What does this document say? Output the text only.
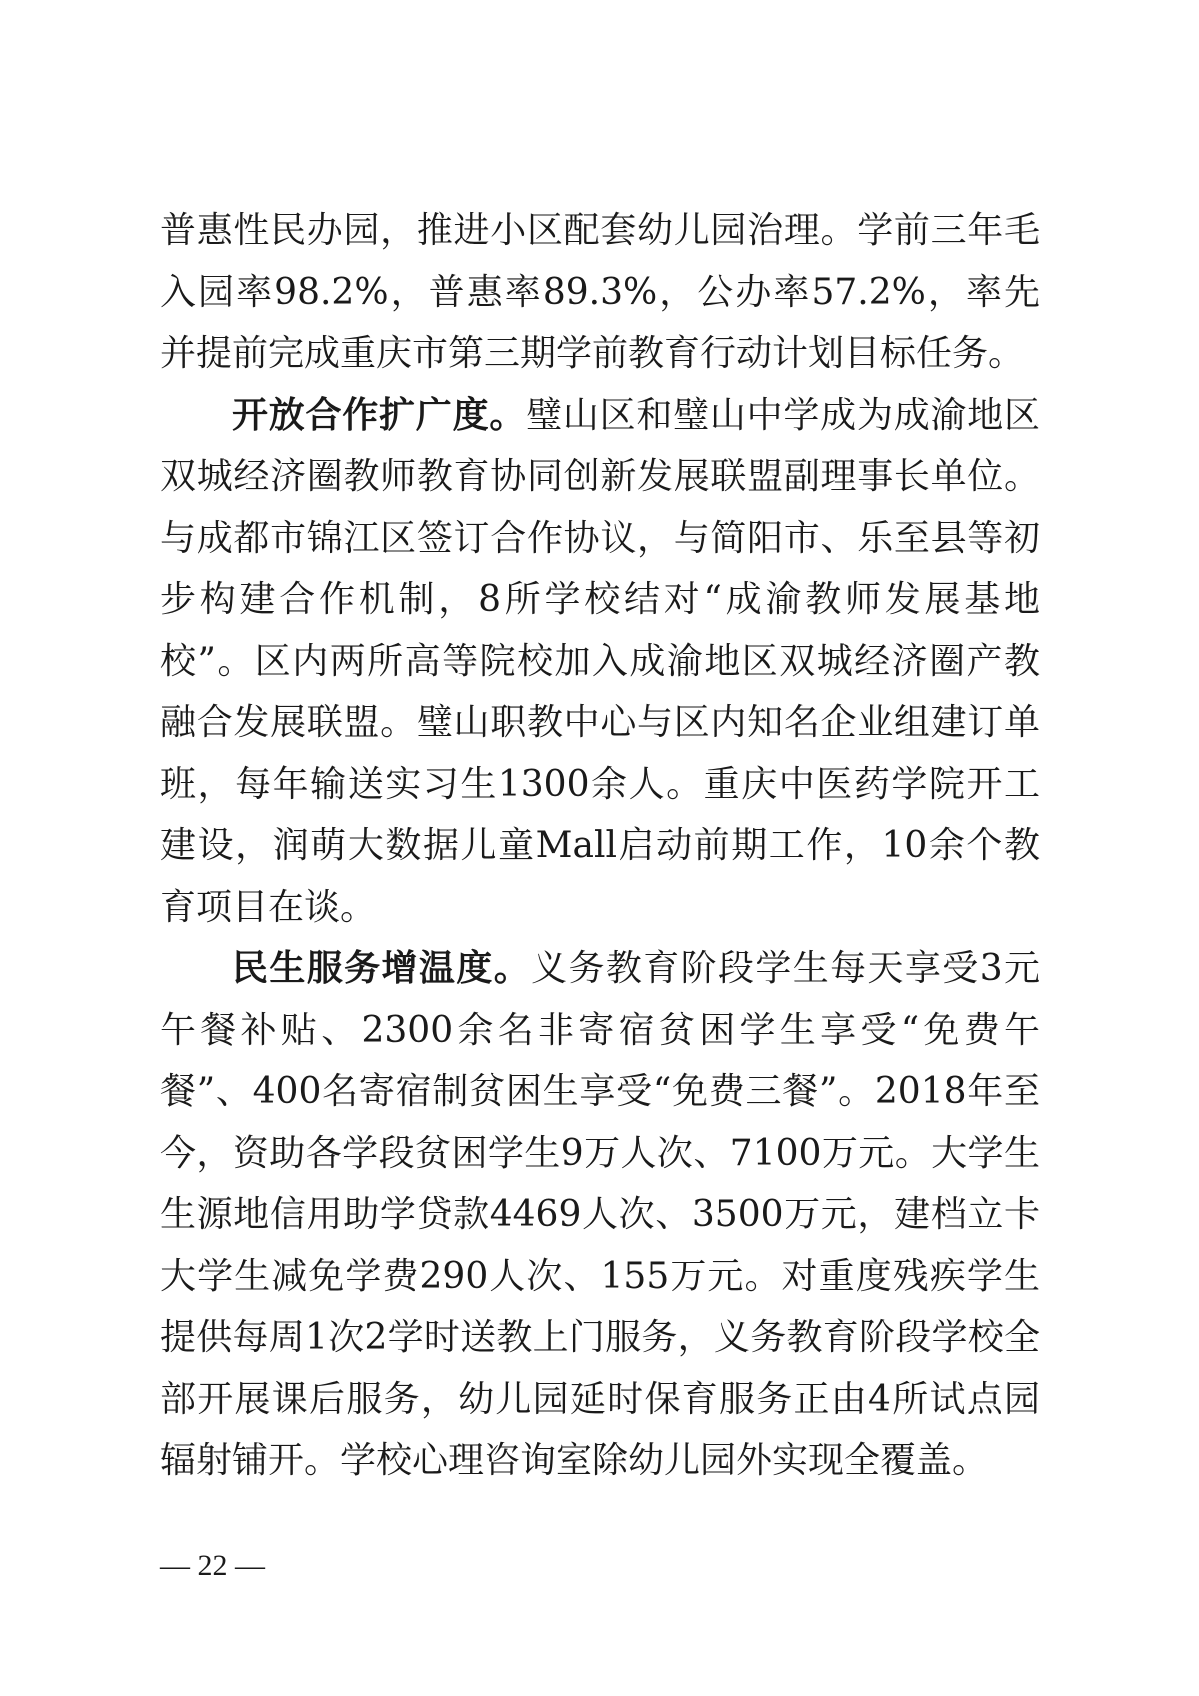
普惠性民办园，推进小区配套幼儿园治理。学前三年毛入园率98.2%，普惠率89.3%，公办率57.2%，率先并提前完成重庆市第三期学前教育行动计划目标任务。

开放合作扩广度。璧山区和璧山中学成为成渝地区双城经济圈教师教育协同创新发展联盟副理事长单位。与成都市锦江区签订合作协议，与简阳市、乐至县等初步构建合作机制，8所学校结对“成渝教师发展基地校”。区内两所高等院校加入成渝地区双城经济圈产教融合发展联盟。璧山职教中心与区内知名企业组建订单班，每年输送实习生1300余人。重庆中医药学院开工建设，润萌大数据儿童Mall启动前期工作，10余个教育项目在谈。

民生服务增温度。义务教育阶段学生每天享受3元午餐补贴、2300余名非寄宿贫困学生享受“免费午餐”、400名寄宿制贫困生享受“免费三餐”。2018年至今，资助各学段贫困学生9万人次、7100万元。大学生生源地信用助学贷款4469人次、3500万元，建档立卡大学生减免学费290人次、155万元。对重度残疾学生提供每周1次2学时送教上门服务，义务教育阶段学校全部开展课后服务，幼儿园延时保育服务正由4所试点园辐射铺开。学校心理咨询室除幼儿园外实现全覆盖。

— 22 —
